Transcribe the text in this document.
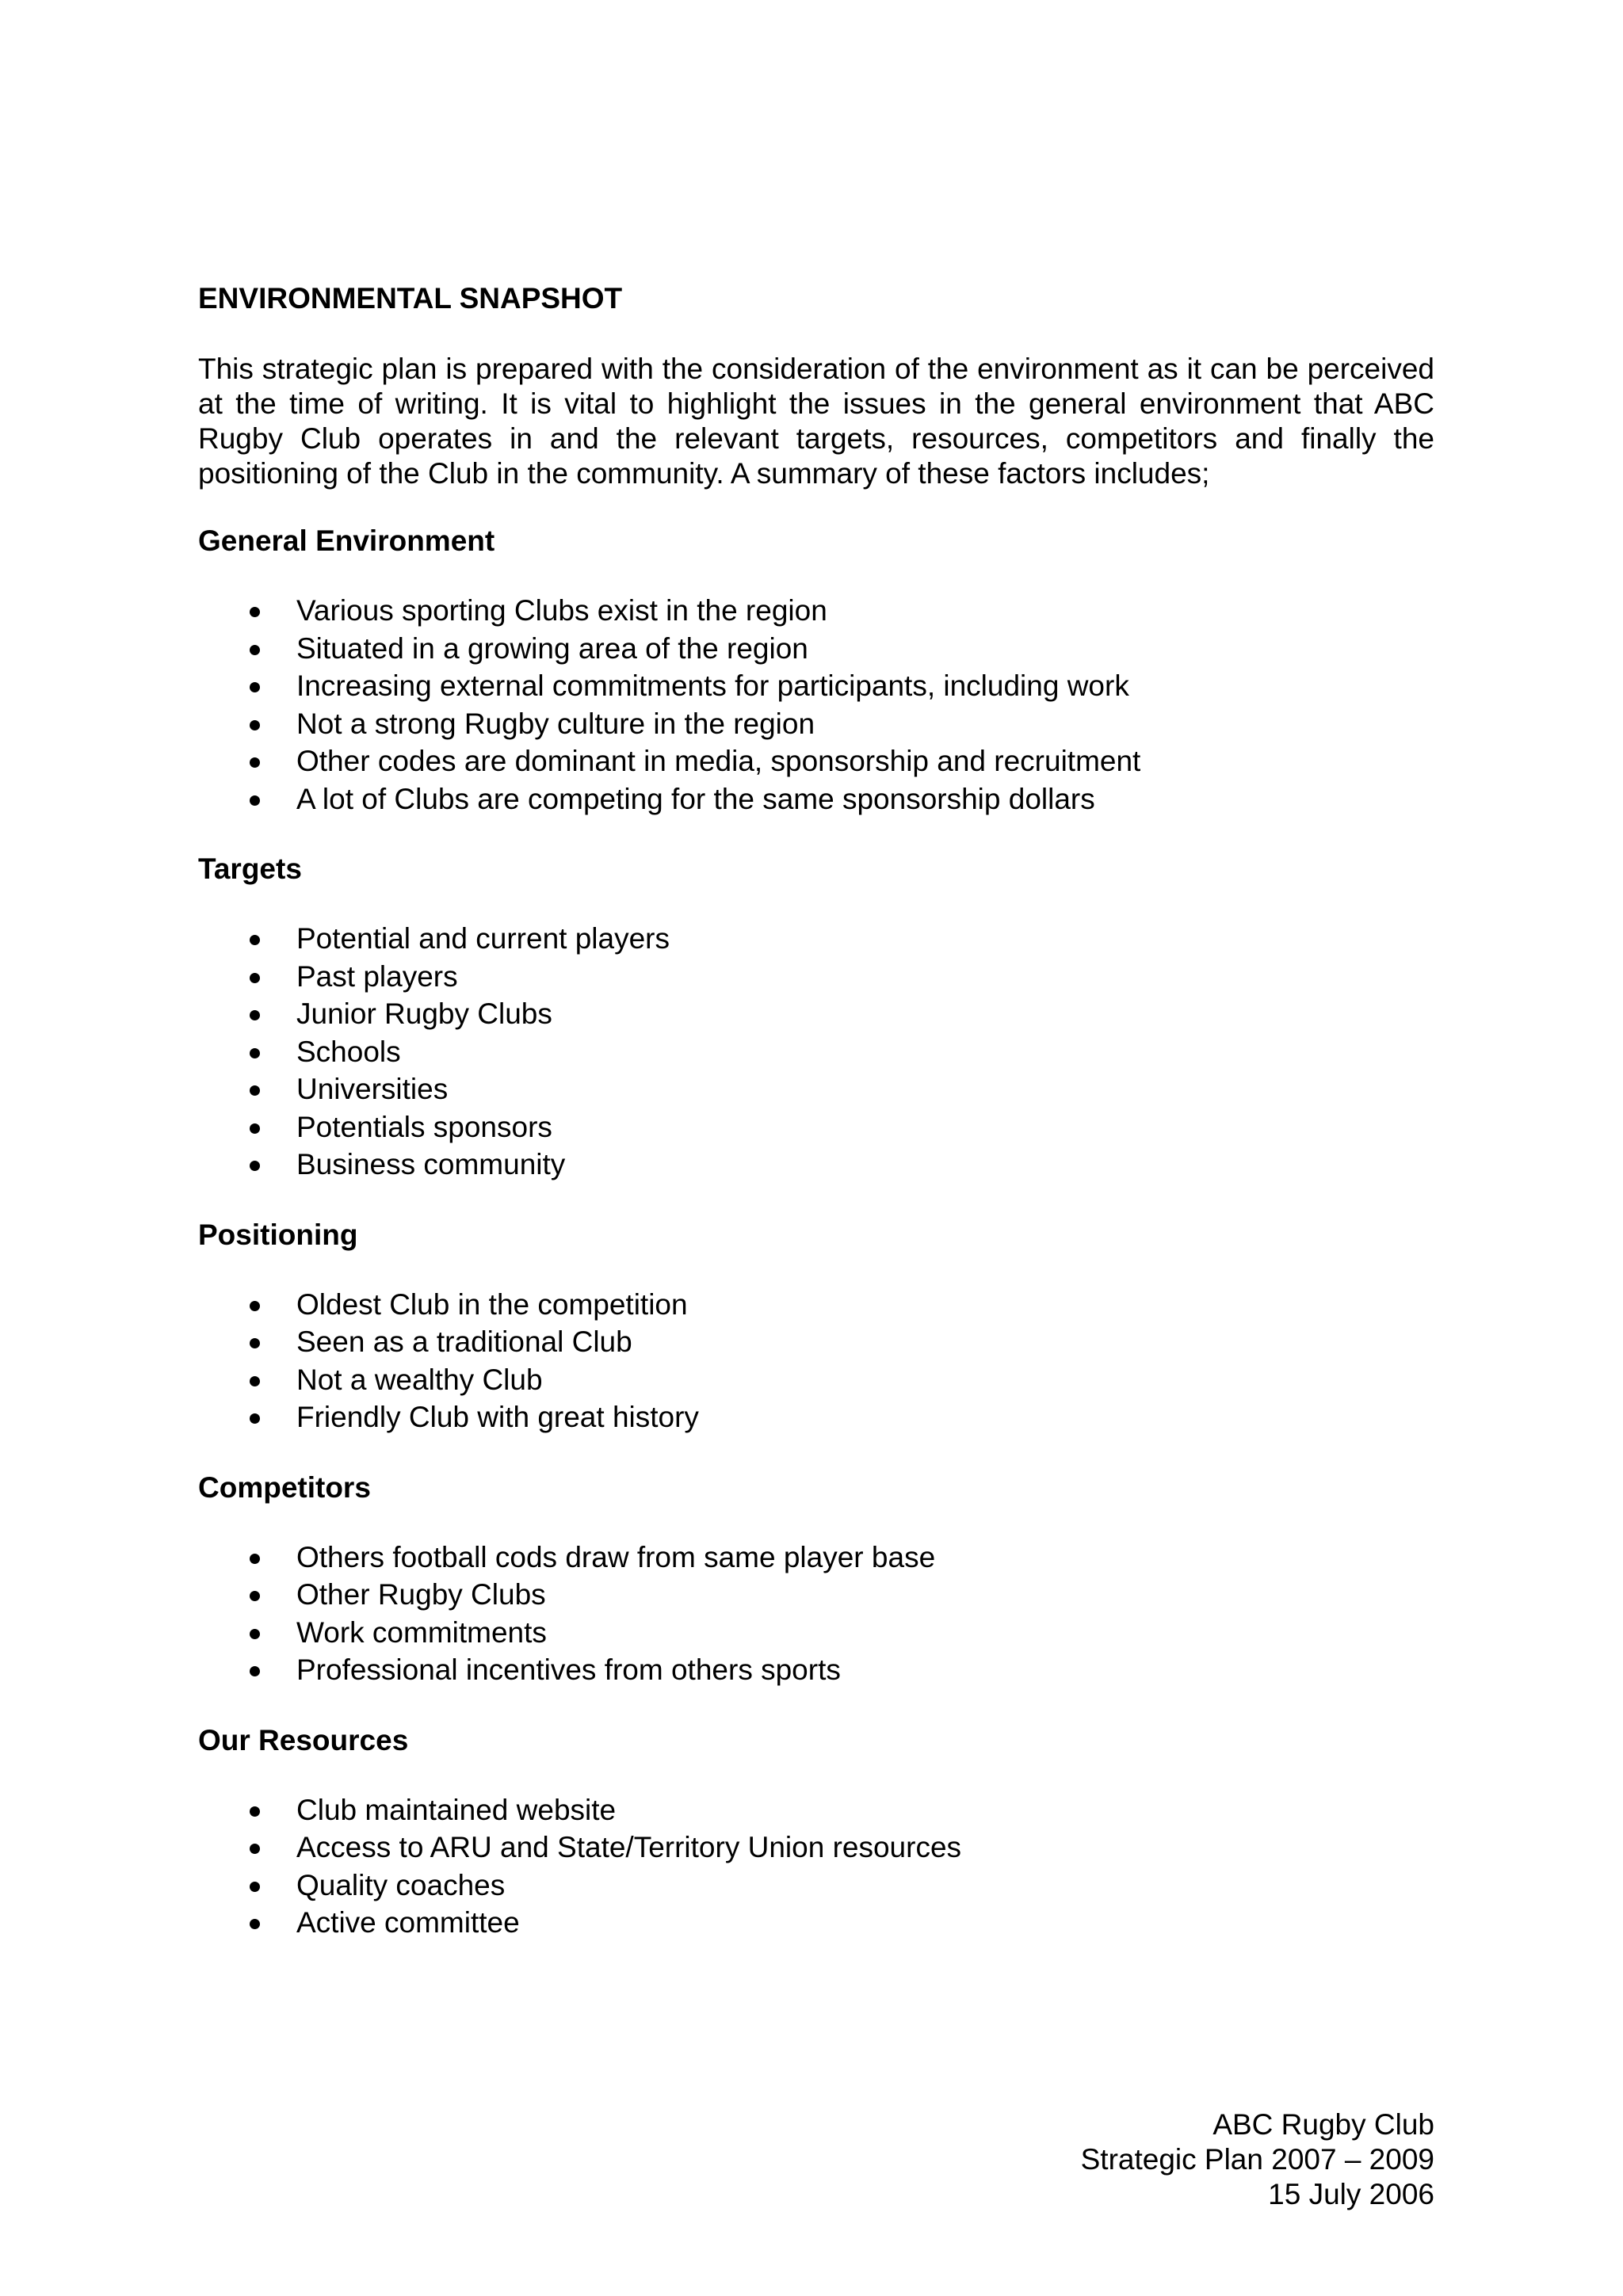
ENVIRONMENTAL SNAPSHOT

This strategic plan is prepared with the consideration of the environment as it can be perceived at the time of writing. It is vital to highlight the issues in the general environment that ABC Rugby Club operates in and the relevant targets, resources, competitors and finally the positioning of the Club in the community. A summary of these factors includes;

General Environment
Various sporting Clubs exist in the region
Situated in a growing area of the region
Increasing external commitments for participants, including work
Not a strong Rugby culture in the region
Other codes are dominant in media, sponsorship and recruitment
A lot of Clubs are competing for the same sponsorship dollars
Targets
Potential and current players
Past players
Junior Rugby Clubs
Schools
Universities
Potentials sponsors
Business community
Positioning
Oldest Club in the competition
Seen as a traditional Club
Not a wealthy Club
Friendly Club with great history
Competitors
Others football cods draw from same player base
Other Rugby Clubs
Work commitments
Professional incentives from others sports
Our Resources
Club maintained website
Access to ARU and State/Territory Union resources
Quality coaches
Active committee
ABC Rugby Club
Strategic Plan 2007 – 2009
15 July 2006
